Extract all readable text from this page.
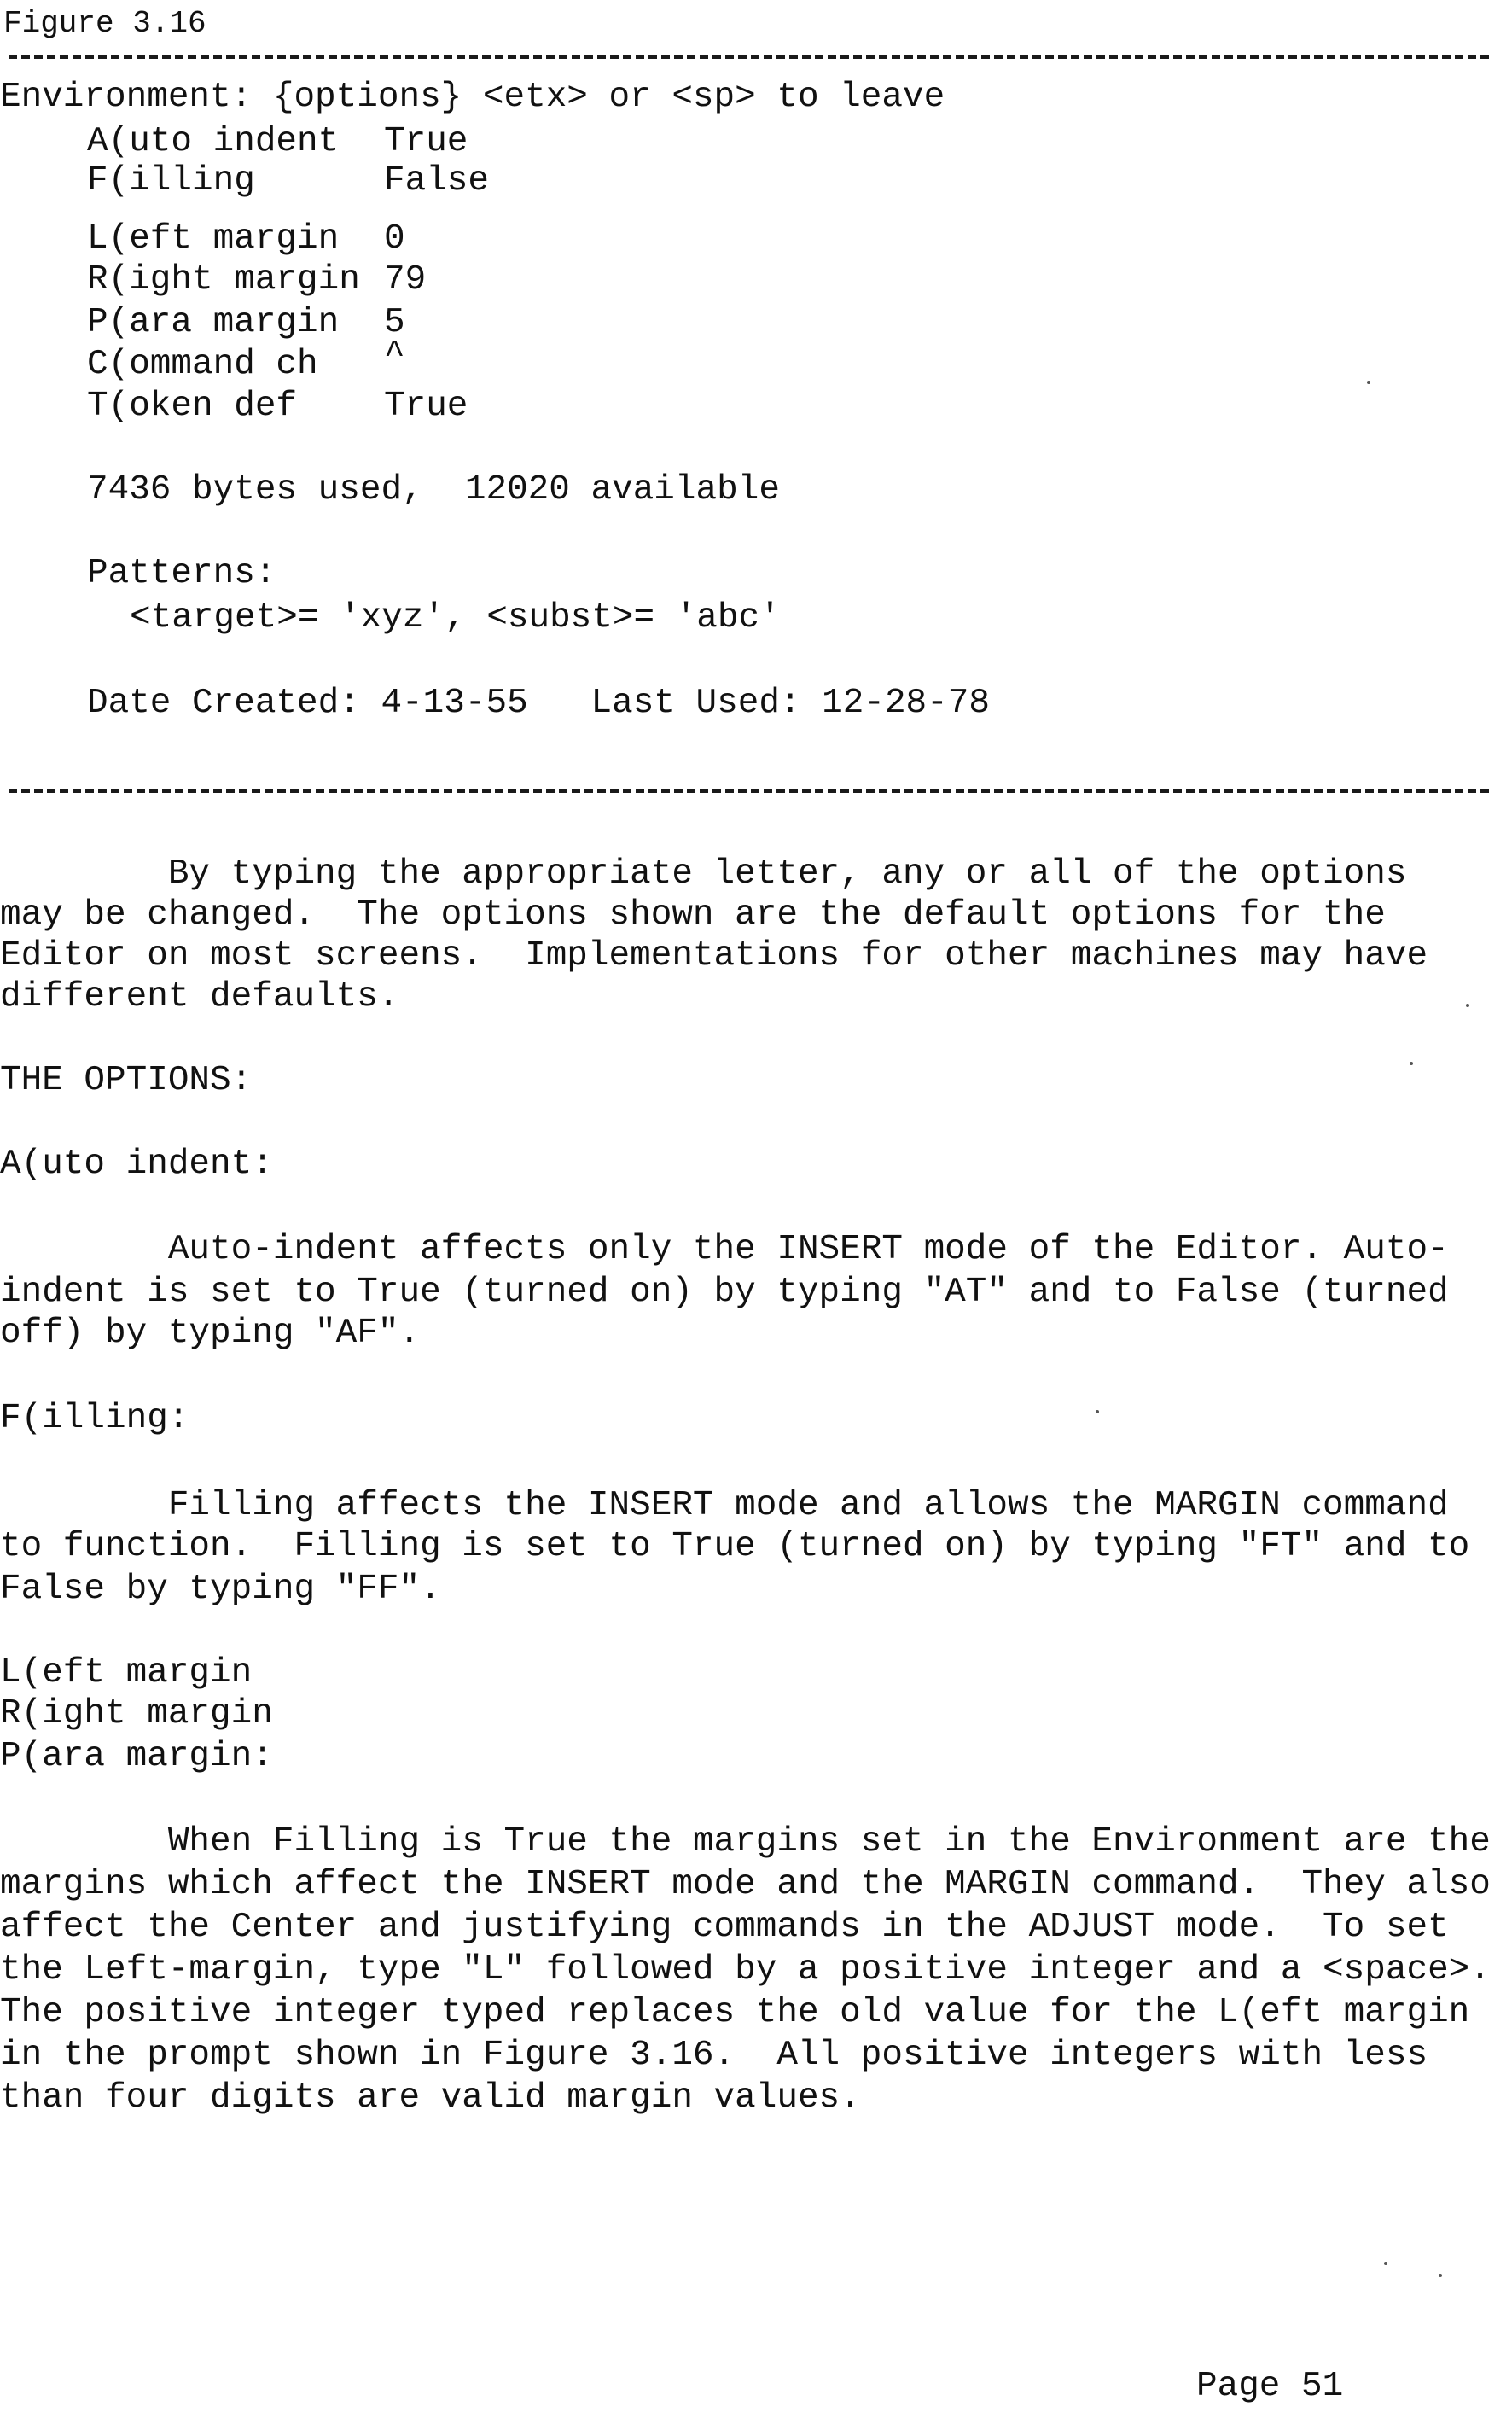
Figure 3.16
Environment: {options} <etx> or <sp> to leave
A(uto indent True
F(illing	False
L(eft margin 0
R(ight margin 79
P(ara margin 5
C(ommand ch ^
T(oken def True
7436 bytes used,  12020 available
Patterns:
<target>= 'xyz', <subst>= 'abc'
Date Created: 4-13-55   Last Used: 12-28-78
By typing the appropriate letter, any or all of the options
may be changed.  The options shown are the default options for the
Editor on most screens.  Implementations for other machines may have
different defaults.
THE OPTIONS:
A(uto indent:
Auto-indent affects only the INSERT mode of the Editor. Auto-
indent is set to True (turned on) by typing "AT" and to False (turned
off) by typing "AF".
F(illing:
Filling affects the INSERT mode and allows the MARGIN command
to function.  Filling is set to True (turned on) by typing "FT" and to
False by typing "FF".
L(eft margin
R(ight margin
P(ara margin:
When Filling is True the margins set in the Environment are the
margins which affect the INSERT mode and the MARGIN command.  They also
affect the Center and justifying commands in the ADJUST mode.  To set
the Left-margin, type "L" followed by a positive integer and a <space>.
The positive integer typed replaces the old value for the L(eft margin
in the prompt shown in Figure 3.16.  All positive integers with less
than four digits are valid margin values.
Page 51
